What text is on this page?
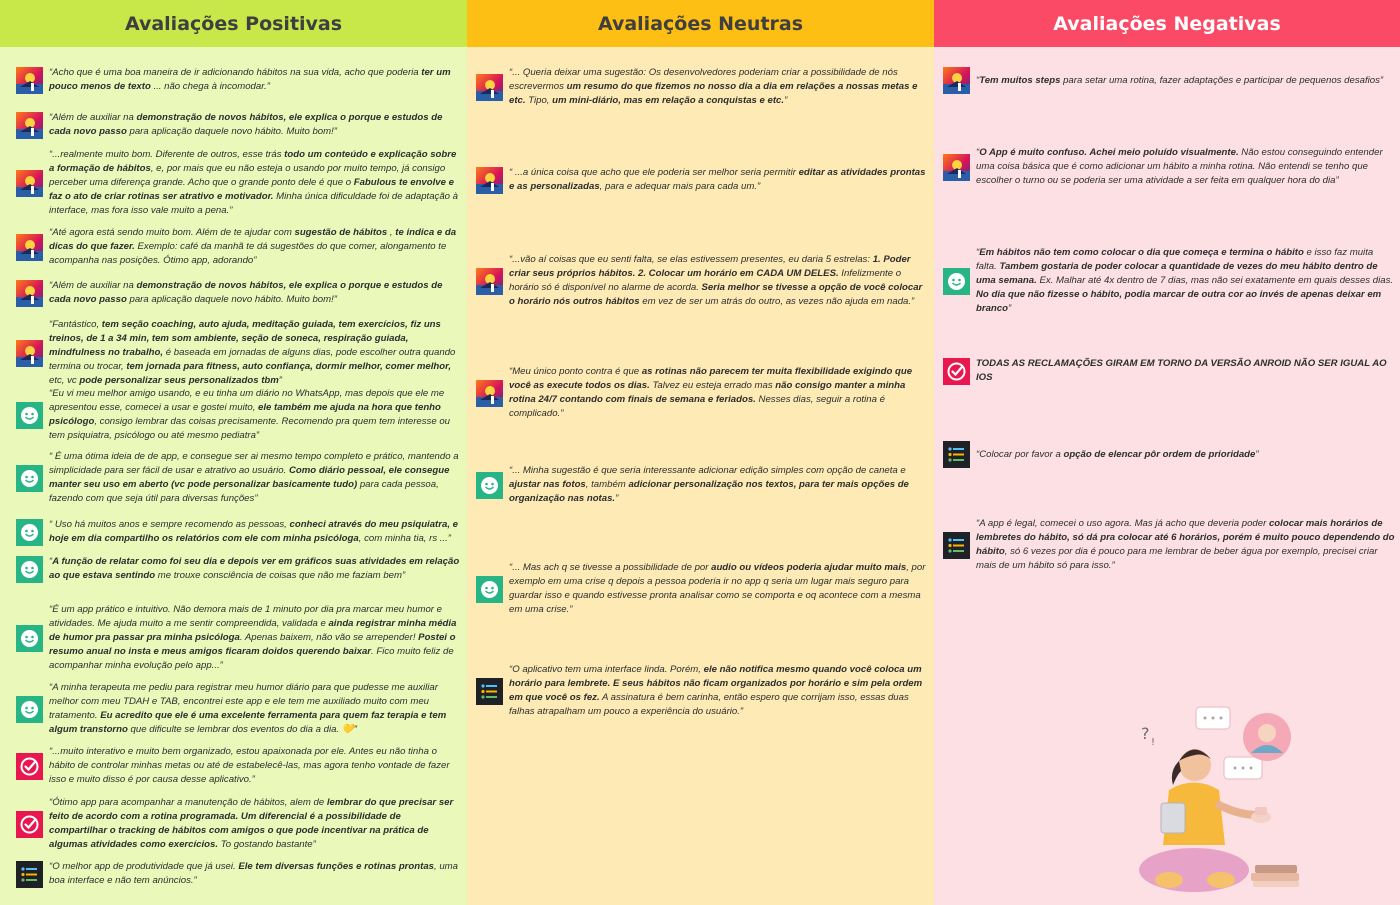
Avaliações Positivas
“Acho que é uma boa maneira de ir adicionando hábitos na sua vida, acho que poderia ter um pouco menos de texto ... não chega à incomodar.”
“Além de auxiliar na demonstração de novos hábitos, ele explica o porque e estudos de cada novo passo para aplicação daquele novo hábito. Muito bom!”
“...realmente muito bom. Diferente de outros, esse trás todo um conteúdo e explicação sobre a formação de hábitos, e, por mais que eu não esteja o usando por muito tempo, já consigo perceber uma diferença grande. Acho que o grande ponto dele é que o Fabulous te envolve e faz o ato de criar rotinas ser atrativo e motivador. Minha única dificuldade foi de adaptação à interface, mas fora isso vale muito a pena.”
“Até agora está sendo muito bom. Além de te ajudar com sugestão de hábitos , te indica e da dicas do que fazer. Exemplo: café da manhã te dá sugestões do que comer, alongamento te acompanha nas posições. Ótimo app, adorando”
“Além de auxiliar na demonstração de novos hábitos, ele explica o porque e estudos de cada novo passo para aplicação daquele novo hábito. Muito bom!”
“Fantástico, tem seção coaching, auto ajuda, meditação guiada, tem exercícios, fiz uns treinos, de 1 a 34 min, tem som ambiente, seção de soneca, respiração guiada, mindfulness no trabalho, é baseada em jornadas de alguns dias, pode escolher outra quando termina ou trocar, tem jornada para fitness, auto confiança, dormir melhor, comer melhor, etc, vc pode personalizar seus personalizados tbm”
“Eu vi meu melhor amigo usando, e eu tinha um diário no WhatsApp, mas depois que ele me apresentou esse, comecei a usar e gostei muito, ele também me ajuda na hora que tenho psicólogo, consigo lembrar das coisas precisamente. Recomendo pra quem tem interesse ou tem psiquiatra, psicólogo ou até mesmo pediatra”
“ É uma ótima ideia de de app, e consegue ser ai mesmo tempo completo e prático, mantendo a simplicidade para ser fácil de usar e atrativo ao usuário. Como diário pessoal, ele consegue manter seu uso em aberto (vc pode personalizar basicamente tudo) para cada pessoa, fazendo com que seja útil para diversas funções”
“ Uso há muitos anos e sempre recomendo as pessoas, conheci através do meu psiquiatra, e hoje em dia compartilho os relatórios com ele com minha psicóloga, com minha tia, rs ...”
“A função de relatar como foi seu dia e depois ver em gráficos suas atividades em relação ao que estava sentindo me trouxe consciência de coisas que não me faziam bem”
“É um app prático e intuitivo. Não demora mais de 1 minuto por dia pra marcar meu humor e atividades. Me ajuda muito a me sentir compreendida, validada e ainda registrar minha média de humor pra passar pra minha psicóloga. Apenas baixem, não vão se arrepender! Postei o resumo anual no insta e meus amigos ficaram doidos querendo baixar. Fico muito feliz de acompanhar minha evolução pelo app...”
“A minha terapeuta me pediu para registrar meu humor diário para que pudesse me auxiliar melhor com meu TDAH e TAB, encontrei este app e ele tem me auxiliado muito com meu tratamento. Eu acredito que ele é uma excelente ferramenta para quem faz terapia e tem algum transtorno que dificulte se lembrar dos eventos do dia a dia. 💛”
“...muito interativo e muito bem organizado, estou apaixonada por ele. Antes eu não tinha o hábito de controlar minhas metas ou até de estabelecê-las, mas agora tenho vontade de fazer isso e muito disso é por causa desse aplicativo.”
“Ótimo app para acompanhar a manutenção de hábitos, alem de lembrar do que precisar ser feito de acordo com a rotina programada. Um diferencial é a possibilidade de compartilhar o tracking de hábitos com amigos o que pode incentivar na prática de algumas atividades como exercícios. To gostando bastante”
“O melhor app de produtividade que já usei. Ele tem diversas funções e rotinas prontas, uma boa interface e não tem anúncios.”
Avaliações Neutras
“... Queria deixar uma sugestão: Os desenvolvedores poderiam criar a possibilidade de nós escrevermos um resumo do que fizemos no nosso dia a dia em relações a nossas metas e etc. Tipo, um mini-diário, mas em relação a conquistas e etc.”
“ ...a única coisa que acho que ele poderia ser melhor seria permitir editar as atividades prontas e as personalizadas, para e adequar mais para cada um.”
“...vão aí coisas que eu senti falta, se elas estivessem presentes, eu daria 5 estrelas: 1. Poder criar seus próprios hábitos. 2. Colocar um horário em CADA UM DELES. Infelizmente o horário só é disponível no alarme de acorda. Seria melhor se tivesse a opção de você colocar o horário nós outros hábitos em vez de ser um atrás do outro, as vezes não ajuda em nada.”
“Meu único ponto contra é que as rotinas não parecem ter muita flexibilidade exigindo que você as execute todos os dias. Talvez eu esteja errado mas não consigo manter a minha rotina 24/7 contando com finais de semana e feriados. Nesses dias, seguir a rotina é complicado.”
“... Minha sugestão é que seria interessante adicionar edição simples com opção de caneta e ajustar nas fotos, também adicionar personalização nos textos, para ter mais opções de organização nas notas.”
“... Mas ach q se tivesse a possibilidade de por audio ou vídeos poderia ajudar muito mais, por exemplo em uma crise q depois a pessoa poderia ir no app q seria um lugar mais seguro para guardar isso e quando estivesse pronta analisar como se comporta e oq acontece com a mesma em uma crise.”
“O aplicativo tem uma interface linda. Porém, ele não notifica mesmo quando você coloca um horário para lembrete. E seus hábitos não ficam organizados por horário e sim pela ordem em que você os fez. A assinatura é bem carinha, então espero que corrijam isso, essas duas falhas atrapalham um pouco a experiência do usuário.”
Avaliações Negativas
? !
“Tem muitos steps para setar uma rotina, fazer adaptações e participar de pequenos desafios”
“O App é muito confuso. Achei meio poluído visualmente. Não estou conseguindo entender uma coisa básica que é como adicionar um hábito a minha rotina. Não entendi se tenho que escolher o turno ou se poderia ser uma atividade a ser feita em qualquer hora do dia”
“Em hábitos não tem como colocar o dia que começa e termina o hábito e isso faz muita falta. Tambem gostaria de poder colocar a quantidade de vezes do meu hábito dentro de uma semana. Ex. Malhar até 4x dentro de 7 dias, mas não sei exatamente em quais desses dias. No dia que não fizesse o hábito, podia marcar de outra cor ao invés de apenas deixar em branco”
TODAS AS RECLAMAÇÕES GIRAM EM TORNO DA VERSÃO ANROID NÃO SER IGUAL AO IOS
“Colocar por favor a opção de elencar pôr ordem de prioridade”
“A app é legal, comecei o uso agora. Mas já acho que deveria poder colocar mais horários de lembretes do hábito, só dá pra colocar até 6 horários, porém é muito pouco dependendo do hábito, só 6 vezes por dia é pouco para me lembrar de beber água por exemplo, precisei criar mais de um hábito só para isso.”
